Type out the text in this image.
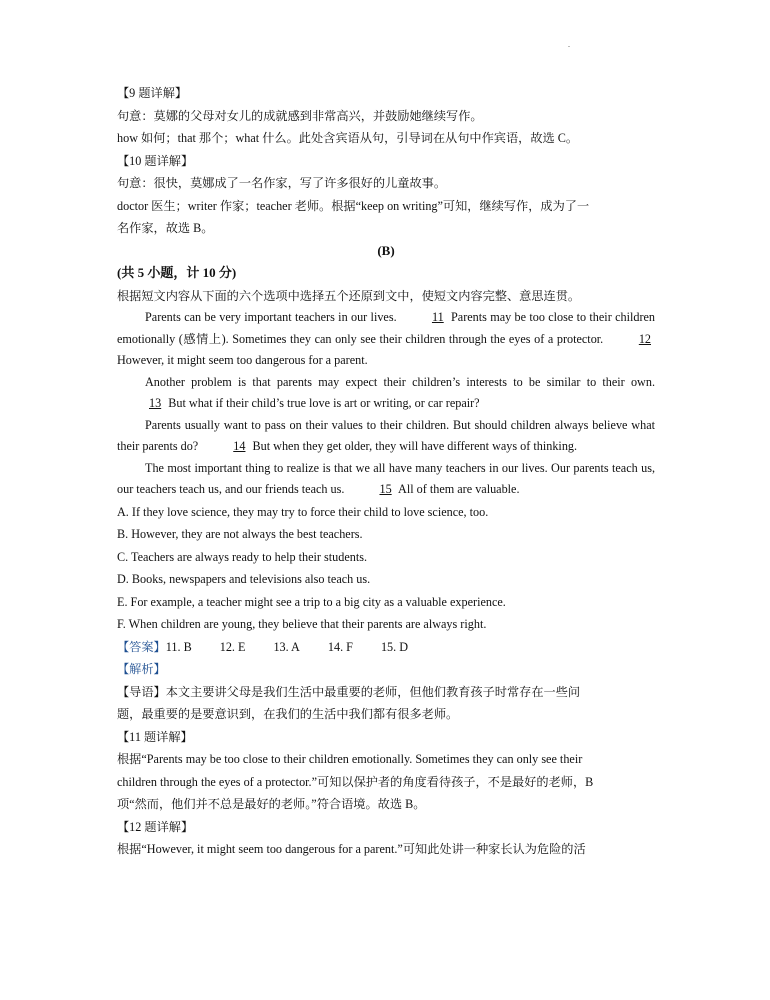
【9 题详解】
句意：莫娜的父母对女儿的成就感到非常高兴，并鼓励她继续写作。
how 如何；that 那个；what 什么。此处含宾语从句，引导词在从句中作宾语，故选 C。
【10 题详解】
句意：很快，莫娜成了一名作家，写了许多很好的儿童故事。
doctor 医生；writer 作家；teacher 老师。根据“keep on writing”可知，继续写作，成为了一
名作家，故选 B。
(B)
(共 5 小题，计 10 分)
根据短文内容从下面的六个选项中选择五个还原到文中，使短文内容完整、意思连贯。
Parents can be very important teachers in our lives.	11 Parents may be too close to their children emotionally (感情上). Sometimes they can only see their children through the eyes of a protector.	12 However, it might seem too dangerous for a parent.
Another problem is that parents may expect their children’s interests to be similar to their own. 13 But what if their child’s true love is art or writing, or car repair?
Parents usually want to pass on their values to their children. But should children always believe what their parents do?	14 But when they get older, they will have different ways of thinking.
The most important thing to realize is that we all have many teachers in our lives. Our parents teach us, our teachers teach us, and our friends teach us.	15 All of them are valuable.
A. If they love science, they may try to force their child to love science, too.
B. However, they are not always the best teachers.
C. Teachers are always ready to help their students.
D. Books, newspapers and televisions also teach us.
E. For example, a teacher might see a trip to a big city as a valuable experience.
F. When children are young, they believe that their parents are always right.
【答案】11. B 12. E 13. A 14. F 15. D
【解析】
【导语】本文主要讲父母是我们生活中最重要的老师，但他们教育孩子时常存在一些问
题，最重要的是要意识到，在我们的生活中我们都有很多老师。
【11 题详解】
根据“Parents may be too close to their children emotionally. Sometimes they can only see their
children through the eyes of a protector.”可知以保护者的角度看待孩子，不是最好的老师，B
项“然而，他们并不总是最好的老师。”符合语境。故选 B。
【12 题详解】
根据“However, it might seem too dangerous for a parent.”可知此处讲一种家长认为危险的活
